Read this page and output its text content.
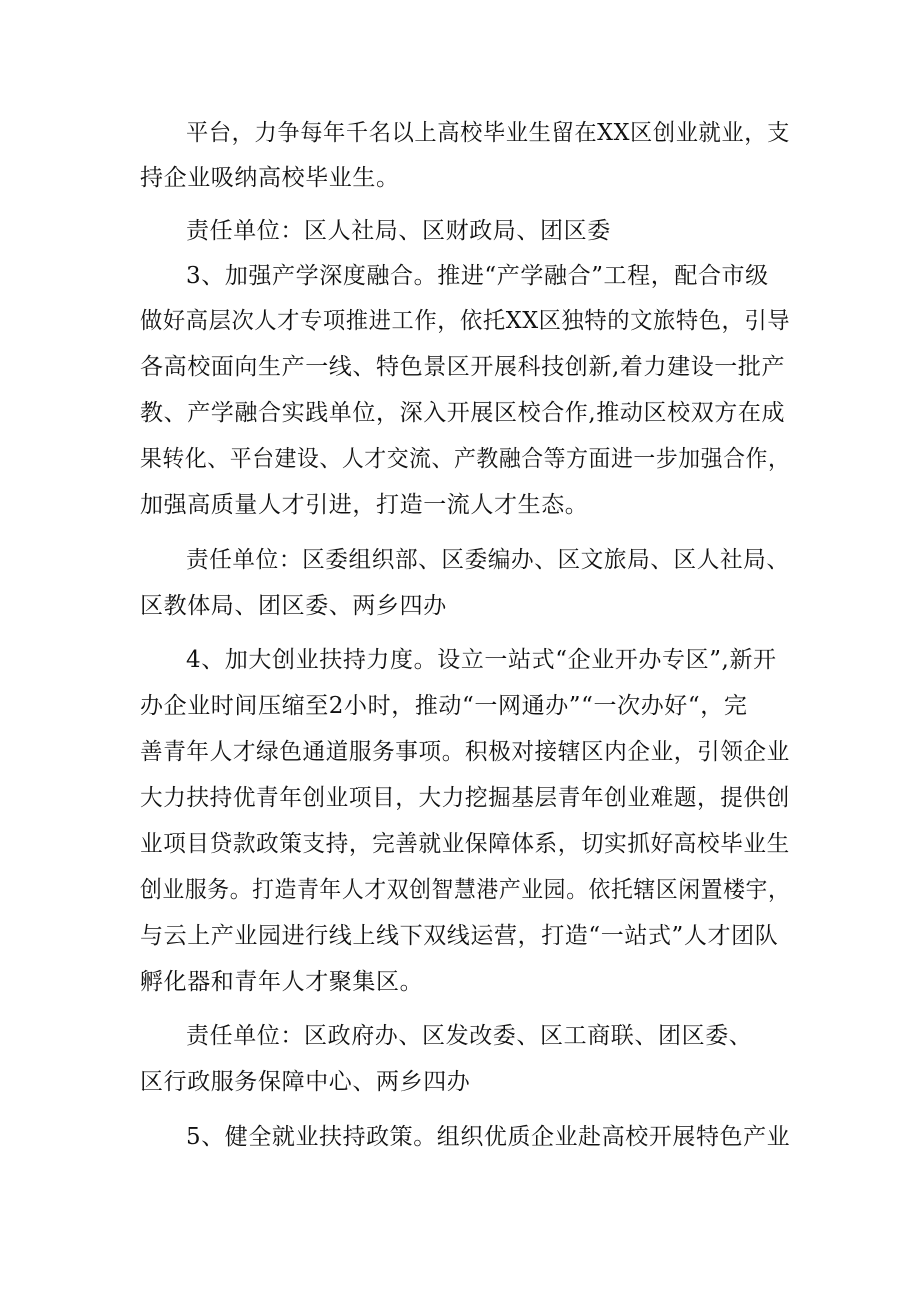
平台，力争每年千名以上高校毕业生留在XX区创业就业，支
持企业吸纳高校毕业生。
责任单位：区人社局、区财政局、团区委
3、加强产学深度融合。推进“产学融合”工程，配合市级
做好高层次人才专项推进工作，依托XX区独特的文旅特色，引导
各高校面向生产一线、特色景区开展科技创新,着力建设一批产
教、产学融合实践单位，深入开展区校合作,推动区校双方在成
果转化、平台建设、人才交流、产教融合等方面进一步加强合作，
加强高质量人才引进，打造一流人才生态。
责任单位：区委组织部、区委编办、区文旅局、区人社局、
区教体局、团区委、两乡四办
4、加大创业扶持力度。设立一站式“企业开办专区”,新开
办企业时间压缩至2小时，推动“一网通办”“一次办好“，完
善青年人才绿色通道服务事项。积极对接辖区内企业，引领企业
大力扶持优青年创业项目，大力挖掘基层青年创业难题，提供创
业项目贷款政策支持，完善就业保障体系，切实抓好高校毕业生
创业服务。打造青年人才双创智慧港产业园。依托辖区闲置楼宇，
与云上产业园进行线上线下双线运营，打造“一站式”人才团队
孵化器和青年人才聚集区。
责任单位：区政府办、区发改委、区工商联、团区委、
区行政服务保障中心、两乡四办
5、健全就业扶持政策。组织优质企业赴高校开展特色产业
